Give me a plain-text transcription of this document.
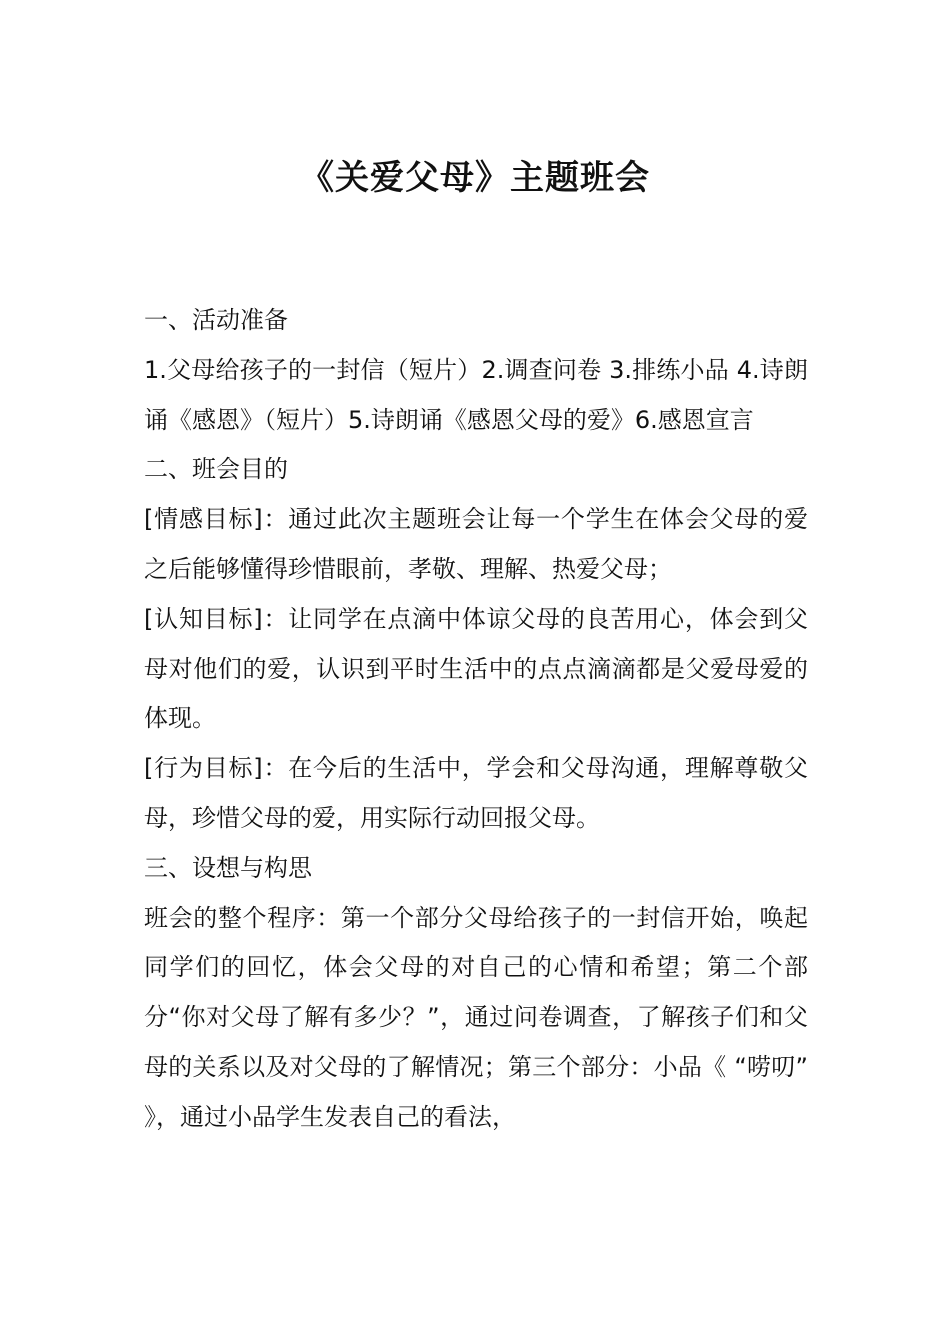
《关爱父母》主题班会

一、活动准备

1.父母给孩子的一封信（短片）2.调查问卷 3.排练小品 4.诗朗诵《感恩》（短片）5.诗朗诵《感恩父母的爱》6.感恩宣言

二、班会目的

[情感目标]：通过此次主题班会让每一个学生在体会父母的爱之后能够懂得珍惜眼前，孝敬、理解、热爱父母；

[认知目标]：让同学在点滴中体谅父母的良苦用心，体会到父母对他们的爱，认识到平时生活中的点点滴滴都是父爱母爱的体现。

[行为目标]：在今后的生活中，学会和父母沟通，理解尊敬父母，珍惜父母的爱，用实际行动回报父母。

三、设想与构思

班会的整个程序：第一个部分父母给孩子的一封信开始，唤起同学们的回忆，体会父母的对自己的心情和希望；第二个部分“你对父母了解有多少？”，通过问卷调查，了解孩子们和父母的关系以及对父母的了解情况；第三个部分：小品《 “唠叨” 》，通过小品学生发表自己的看法，
